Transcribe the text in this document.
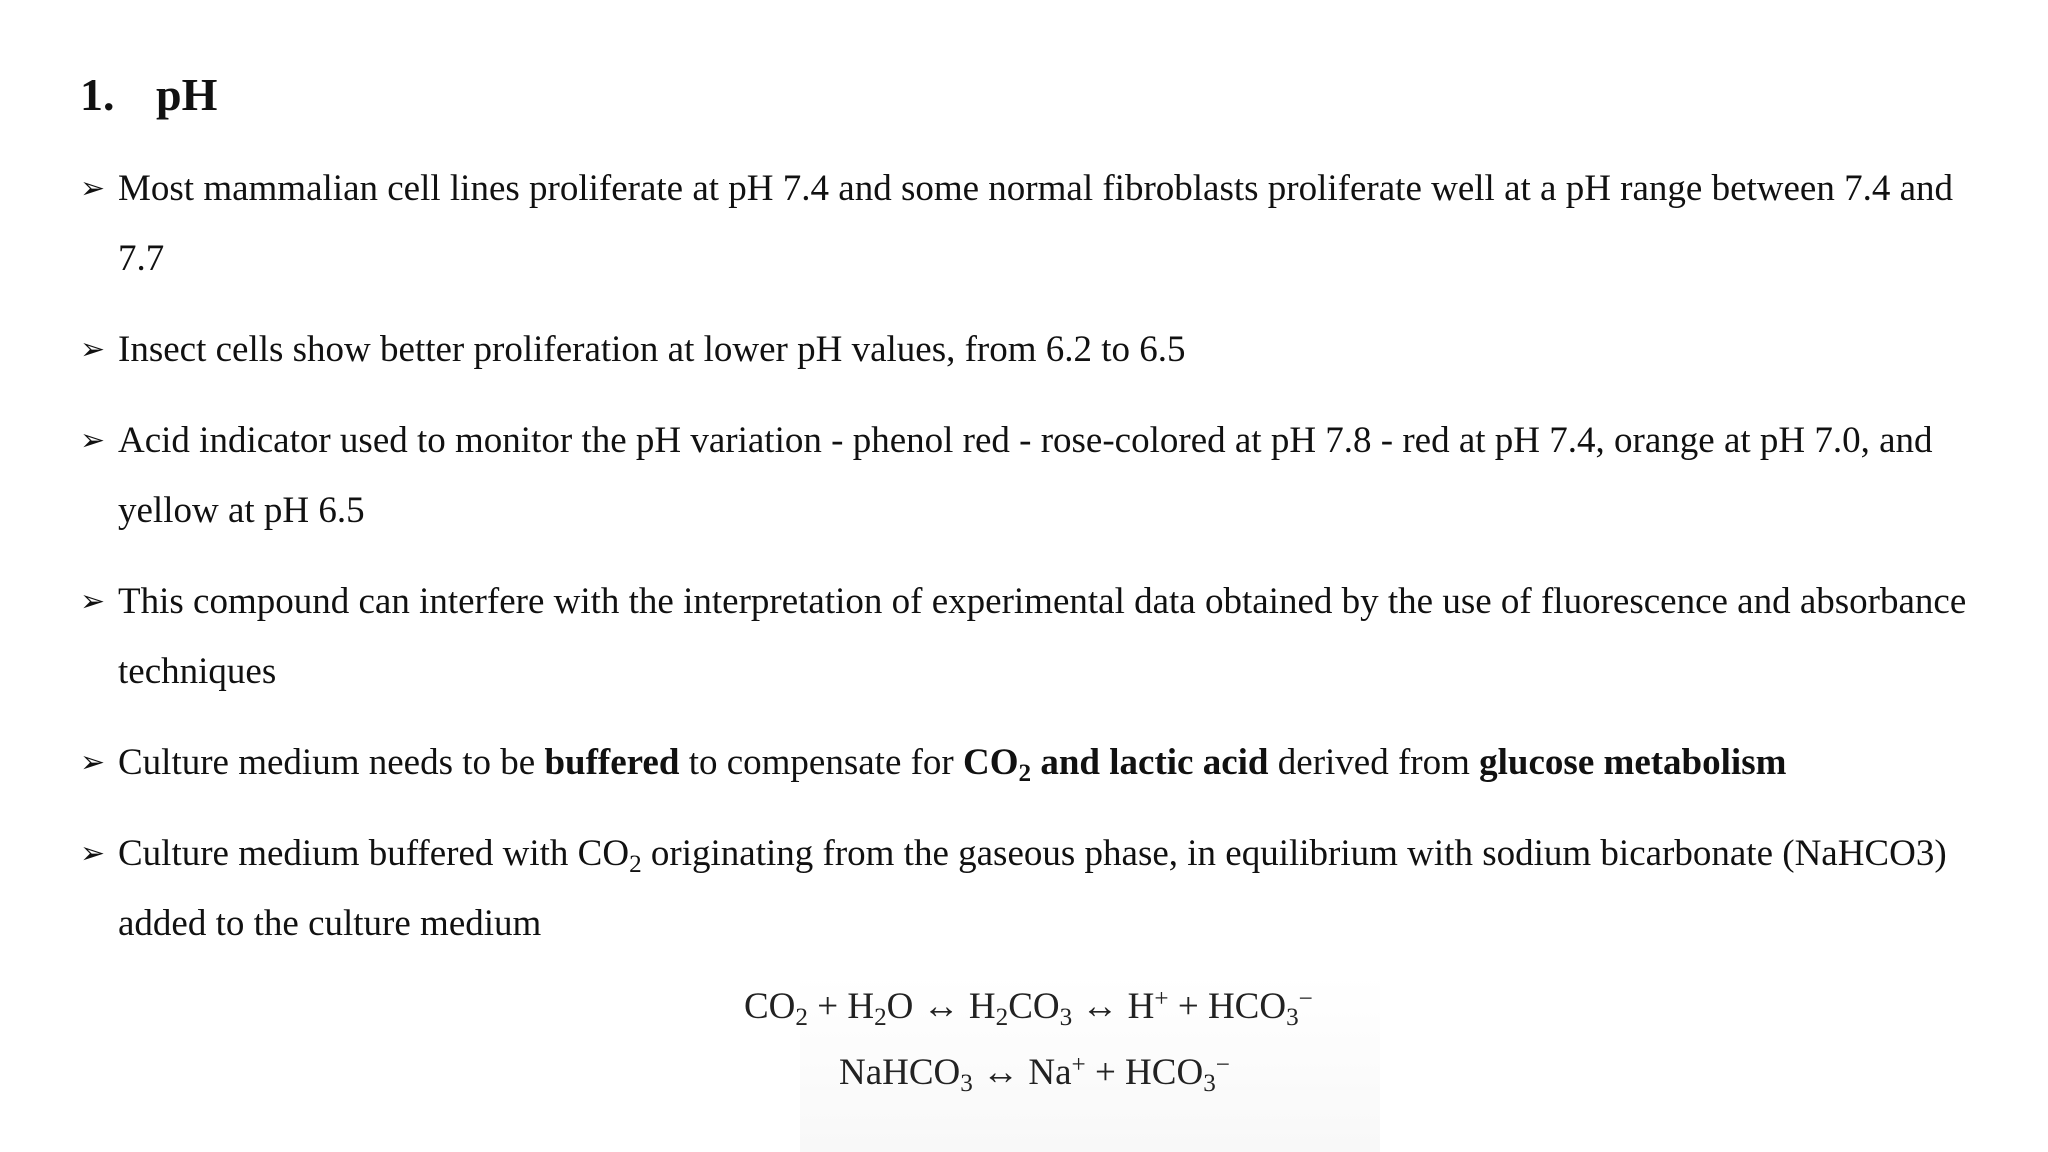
1. pH
➢ Most mammalian cell lines proliferate at pH 7.4 and some normal fibroblasts proliferate well at a pH range between 7.4 and 7.7
➢ Insect cells show better proliferation at lower pH values, from 6.2 to 6.5
➢ Acid indicator used to monitor the pH variation - phenol red - rose-colored at pH 7.8 - red at pH 7.4, orange at pH 7.0, and yellow at pH 6.5
➢ This compound can interfere with the interpretation of experimental data obtained by the use of fluorescence and absorbance techniques
➢ Culture medium needs to be buffered to compensate for $CO_2$ and lactic acid derived from glucose metabolism
➢ Culture medium buffered with $CO_2$ originating from the gaseous phase, in equilibrium with sodium bicarbonate (NaHCO3) added to the culture medium
$CO_2 + H_2O$ ↔ $H_2CO_3$ ↔ $H^+ + HCO_3^-$
NaHCO$_3$ ↔ $Na^+ + HCO_3^-$
